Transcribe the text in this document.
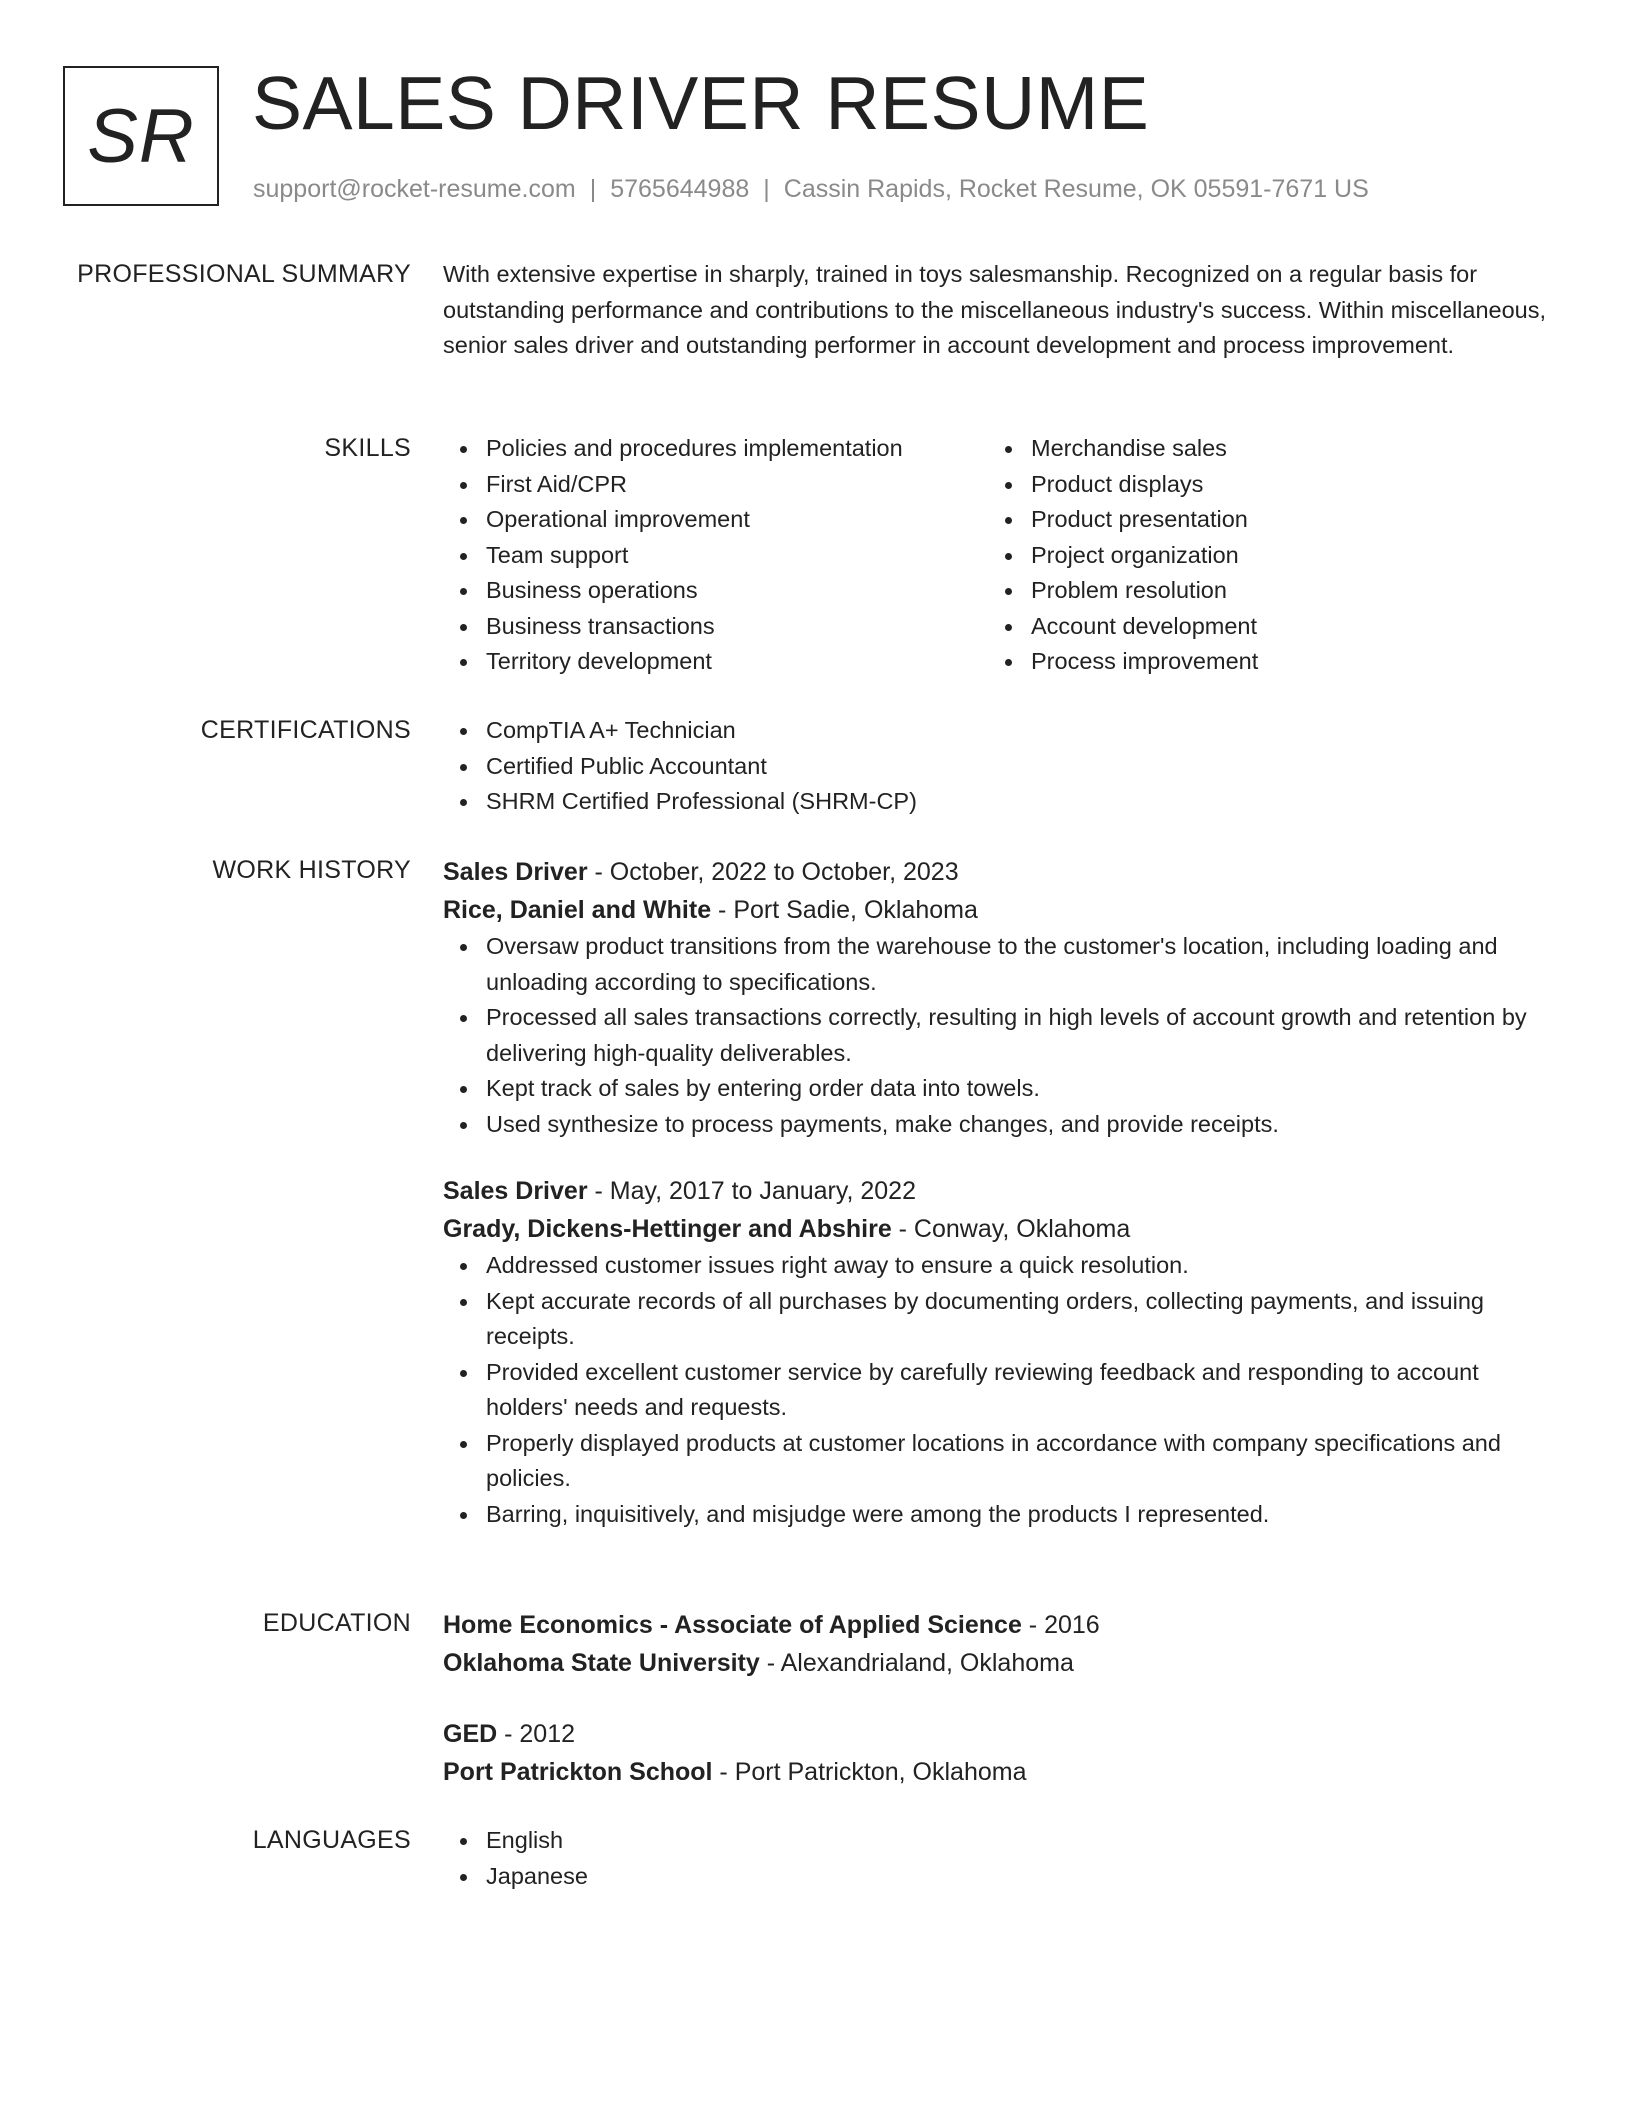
SR SALES DRIVER RESUME
support@rocket-resume.com | 5765644988 | Cassin Rapids, Rocket Resume, OK 05591-7671 US
PROFESSIONAL SUMMARY With extensive expertise in sharply, trained in toys salesmanship. Recognized on a regular basis for outstanding performance and contributions to the miscellaneous industry's success. Within miscellaneous, senior sales driver and outstanding performer in account development and process improvement.

SKILLS	Policies and procedures implementation
First Aid/CPR
Operational improvement
Team support
Business operations
Business transactions
Territory development
Merchandise sales
Product displays
Product presentation
Project organization
Problem resolution
Account development
Process improvement
CERTIFICATIONS	CompTIA A+ Technician
Certified Public Accountant
SHRM Certified Professional (SHRM-CP)
WORK HISTORY Sales Driver - October, 2022 to October, 2023
Rice, Daniel and White - Port Sadie, Oklahoma
Oversaw product transitions from the warehouse to the customer's location, including loading and unloading according to specifications.
Processed all sales transactions correctly, resulting in high levels of account growth and retention by delivering high-quality deliverables.
Kept track of sales by entering order data into towels.
Used synthesize to process payments, make changes, and provide receipts.
Sales Driver - May, 2017 to January, 2022
Grady, Dickens-Hettinger and Abshire - Conway, Oklahoma
Addressed customer issues right away to ensure a quick resolution.
Kept accurate records of all purchases by documenting orders, collecting payments, and issuing receipts.
Provided excellent customer service by carefully reviewing feedback and responding to account holders' needs and requests.
Properly displayed products at customer locations in accordance with company specifications and policies.
Barring, inquisitively, and misjudge were among the products I represented.
EDUCATION Home Economics - Associate of Applied Science - 2016
Oklahoma State University - Alexandrialand, Oklahoma
GED - 2012
Port Patrickton School - Port Patrickton, Oklahoma
LANGUAGES	English
Japanese
